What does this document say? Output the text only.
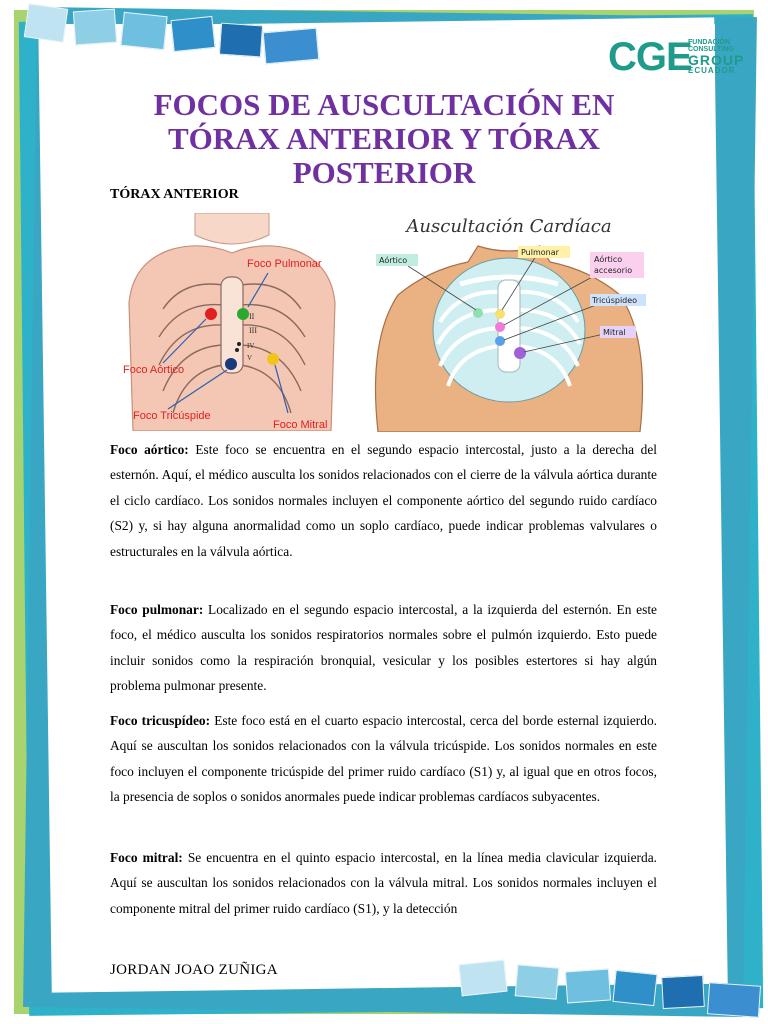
CGE
FUNDACIÓN
CONSULTING
GROUP
ECUADOR
FOCOS DE AUSCULTACIÓN EN TÓRAX ANTERIOR Y TÓRAX POSTERIOR
TÓRAX ANTERIOR
II
III
IV
V
Foco Pulmonar
Foco Aórtico
Foco Tricúspide
Foco Mitral
Auscultación Cardíaca
Aórtico
Pulmonar
Aórtico
accesorio
Tricúspideo
Mitral

Foco aórtico: Este foco se encuentra en el segundo espacio intercostal, justo a la derecha del esternón. Aquí, el médico ausculta los sonidos relacionados con el cierre de la válvula aórtica durante el ciclo cardíaco. Los sonidos normales incluyen el componente aórtico del segundo ruido cardíaco (S2) y, si hay alguna anormalidad como un soplo cardíaco, puede indicar problemas valvulares o estructurales en la válvula aórtica.

Foco pulmonar: Localizado en el segundo espacio intercostal, a la izquierda del esternón. En este foco, el médico ausculta los sonidos respiratorios normales sobre el pulmón izquierdo. Esto puede incluir sonidos como la respiración bronquial, vesicular y los posibles estertores si hay algún problema pulmonar presente.

Foco tricuspídeo: Este foco está en el cuarto espacio intercostal, cerca del borde esternal izquierdo. Aquí se auscultan los sonidos relacionados con la válvula tricúspide. Los sonidos normales en este foco incluyen el componente tricúspide del primer ruido cardíaco (S1) y, al igual que en otros focos, la presencia de soplos o sonidos anormales puede indicar problemas cardíacos subyacentes.

Foco mitral: Se encuentra en el quinto espacio intercostal, en la línea media clavicular izquierda. Aquí se auscultan los sonidos relacionados con la válvula mitral. Los sonidos normales incluyen el componente mitral del primer ruido cardíaco (S1), y la detección

JORDAN JOAO ZUÑIGA
